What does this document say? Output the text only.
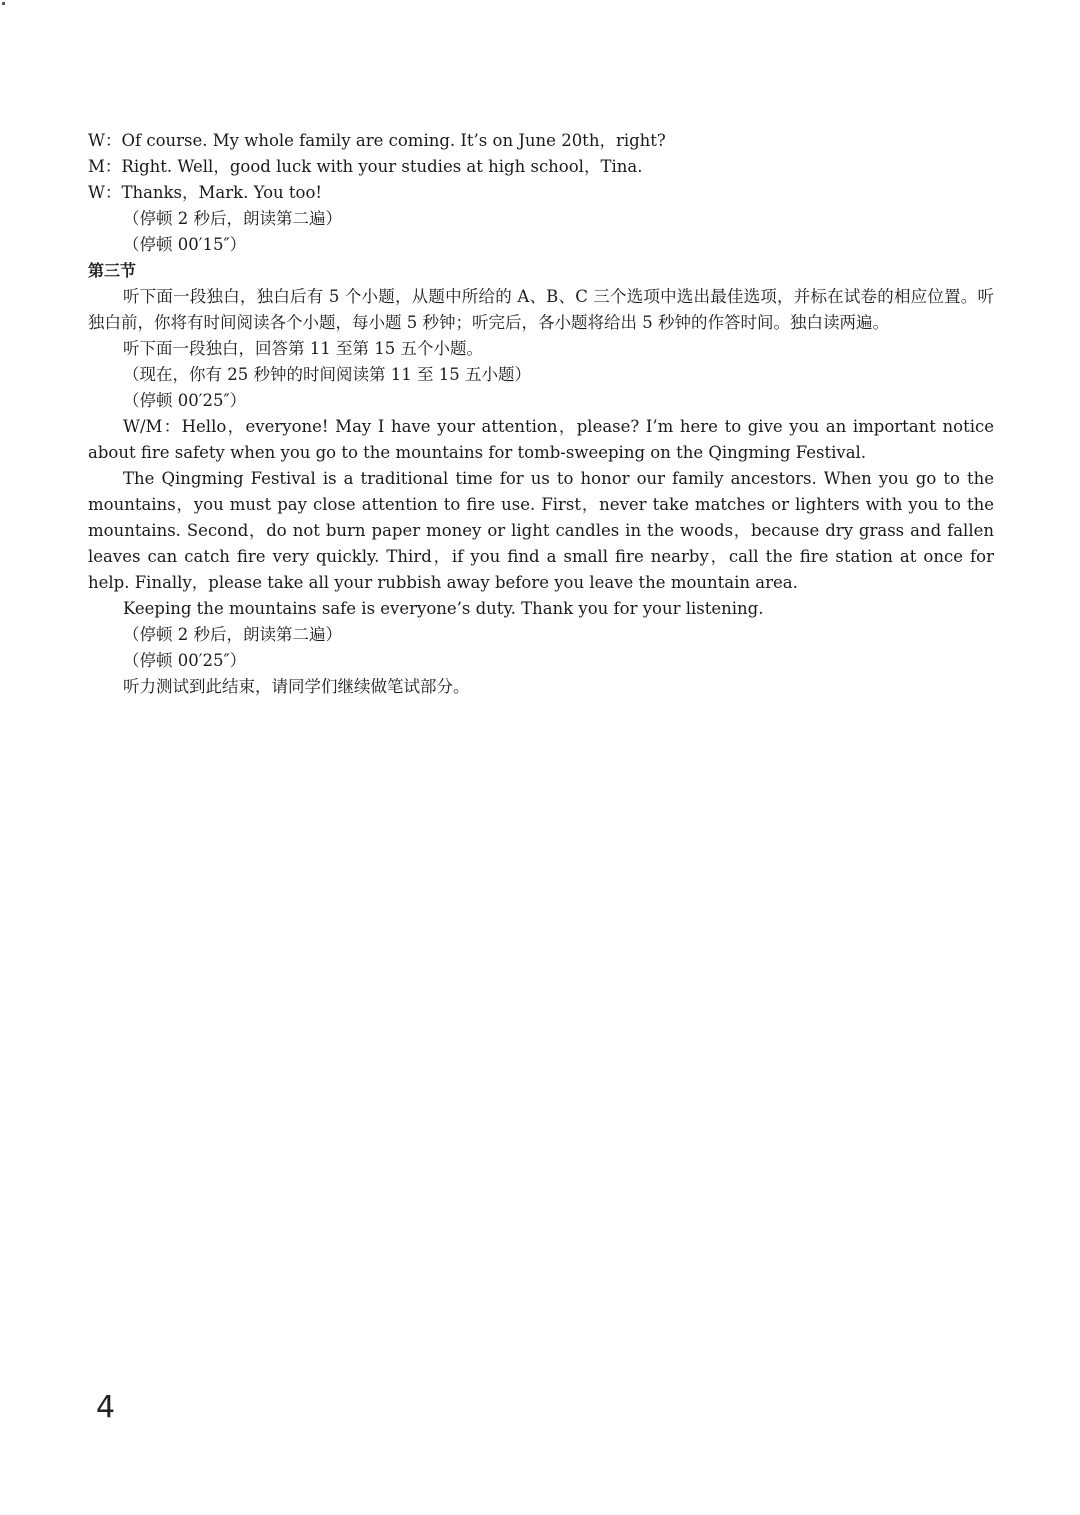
W：Of course. My whole family are coming. It’s on June 20th，right?
M：Right. Well，good luck with your studies at high school，Tina.
W：Thanks，Mark. You too!
（停顿 2 秒后，朗读第二遍）
（停顿 00′15″）
第三节

听下面一段独白，独白后有 5 个小题，从题中所给的 A、B、C 三个选项中选出最佳选项，并标在试卷的相应位置。听独白前，你将有时间阅读各个小题，每小题 5 秒钟；听完后，各小题将给出 5 秒钟的作答时间。独白读两遍。

听下面一段独白，回答第 11 至第 15 五个小题。
（现在，你有 25 秒钟的时间阅读第 11 至 15 五小题）
（停顿 00′25″）

W/M：Hello，everyone! May I have your attention，please? I’m here to give you an important notice about fire safety when you go to the mountains for tomb-sweeping on the Qingming Festival.

The Qingming Festival is a traditional time for us to honor our family ancestors. When you go to the mountains，you must pay close attention to fire use. First，never take matches or lighters with you to the mountains. Second，do not burn paper money or light candles in the woods，because dry grass and fallen leaves can catch fire very quickly. Third，if you find a small fire nearby，call the fire station at once for help. Finally，please take all your rubbish away before you leave the mountain area.

Keeping the mountains safe is everyone’s duty. Thank you for your listening.

（停顿 2 秒后，朗读第二遍）
（停顿 00′25″）
听力测试到此结束，请同学们继续做笔试部分。
4
